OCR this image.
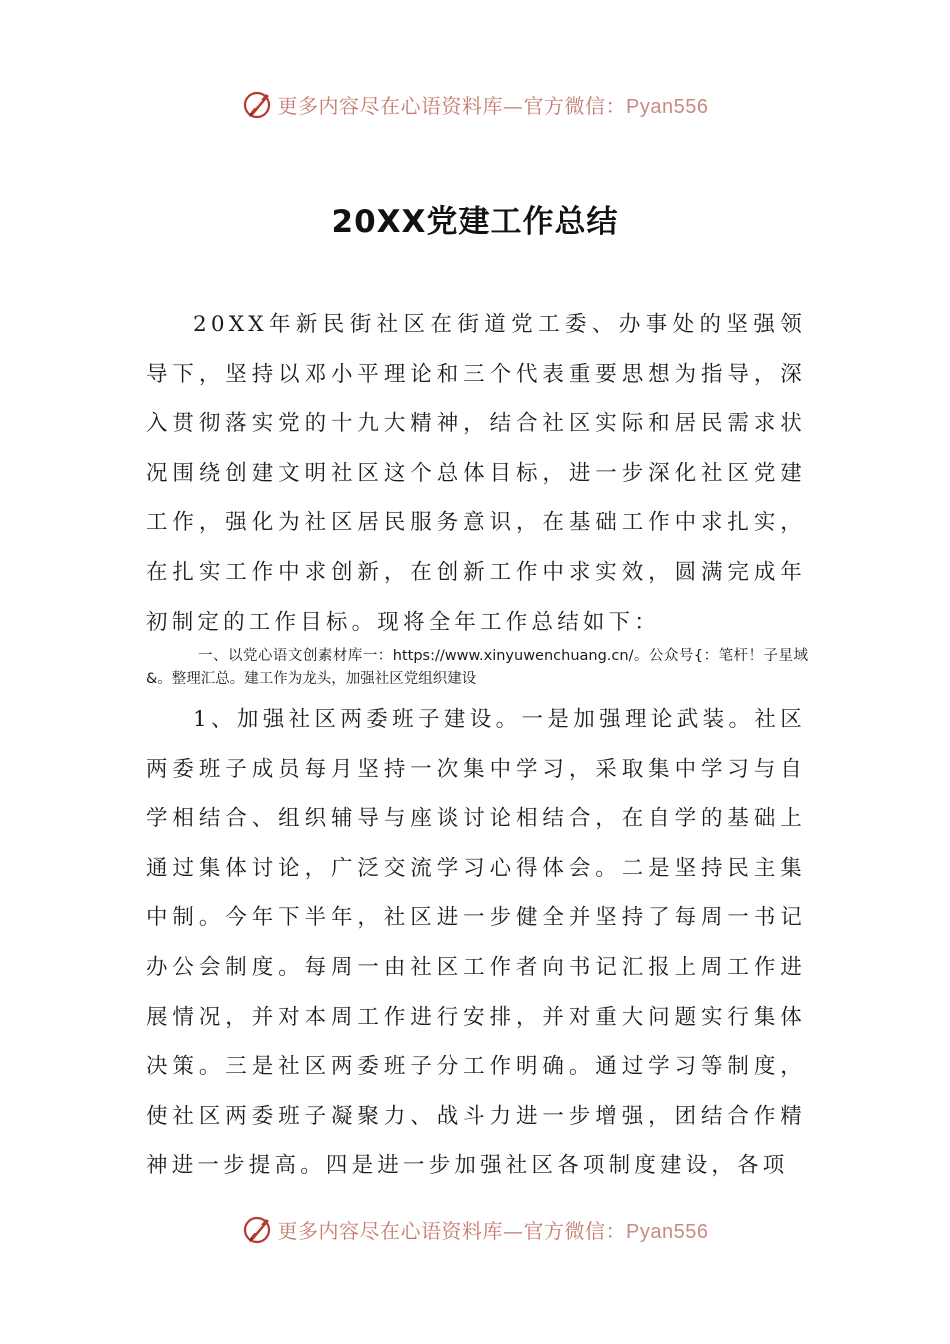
更多内容尽在心语资料库—官方微信：Pyan556
20XX党建工作总结

20XX年新民街社区在街道党工委、办事处的坚强领导下，坚持以邓小平理论和三个代表重要思想为指导，深入贯彻落实党的十九大精神，结合社区实际和居民需求状况围绕创建文明社区这个总体目标，进一步深化社区党建工作，强化为社区居民服务意识，在基础工作中求扎实，在扎实工作中求创新，在创新工作中求实效，圆满完成年初制定的工作目标。现将全年工作总结如下：

一、以党心语文创素材库一：https://www.xinyuwenchuang.cn/。公众号{：笔杆！子星域&。整理汇总。建工作为龙头，加强社区党组织建设

1、加强社区两委班子建设。一是加强理论武装。社区两委班子成员每月坚持一次集中学习，采取集中学习与自学相结合、组织辅导与座谈讨论相结合，在自学的基础上通过集体讨论，广泛交流学习心得体会。二是坚持民主集中制。今年下半年，社区进一步健全并坚持了每周一书记办公会制度。每周一由社区工作者向书记汇报上周工作进展情况，并对本周工作进行安排，并对重大问题实行集体决策。三是社区两委班子分工作明确。通过学习等制度，使社区两委班子凝聚力、战斗力进一步增强，团结合作精神进一步提高。四是进一步加强社区各项制度建设，各项

更多内容尽在心语资料库—官方微信：Pyan556
